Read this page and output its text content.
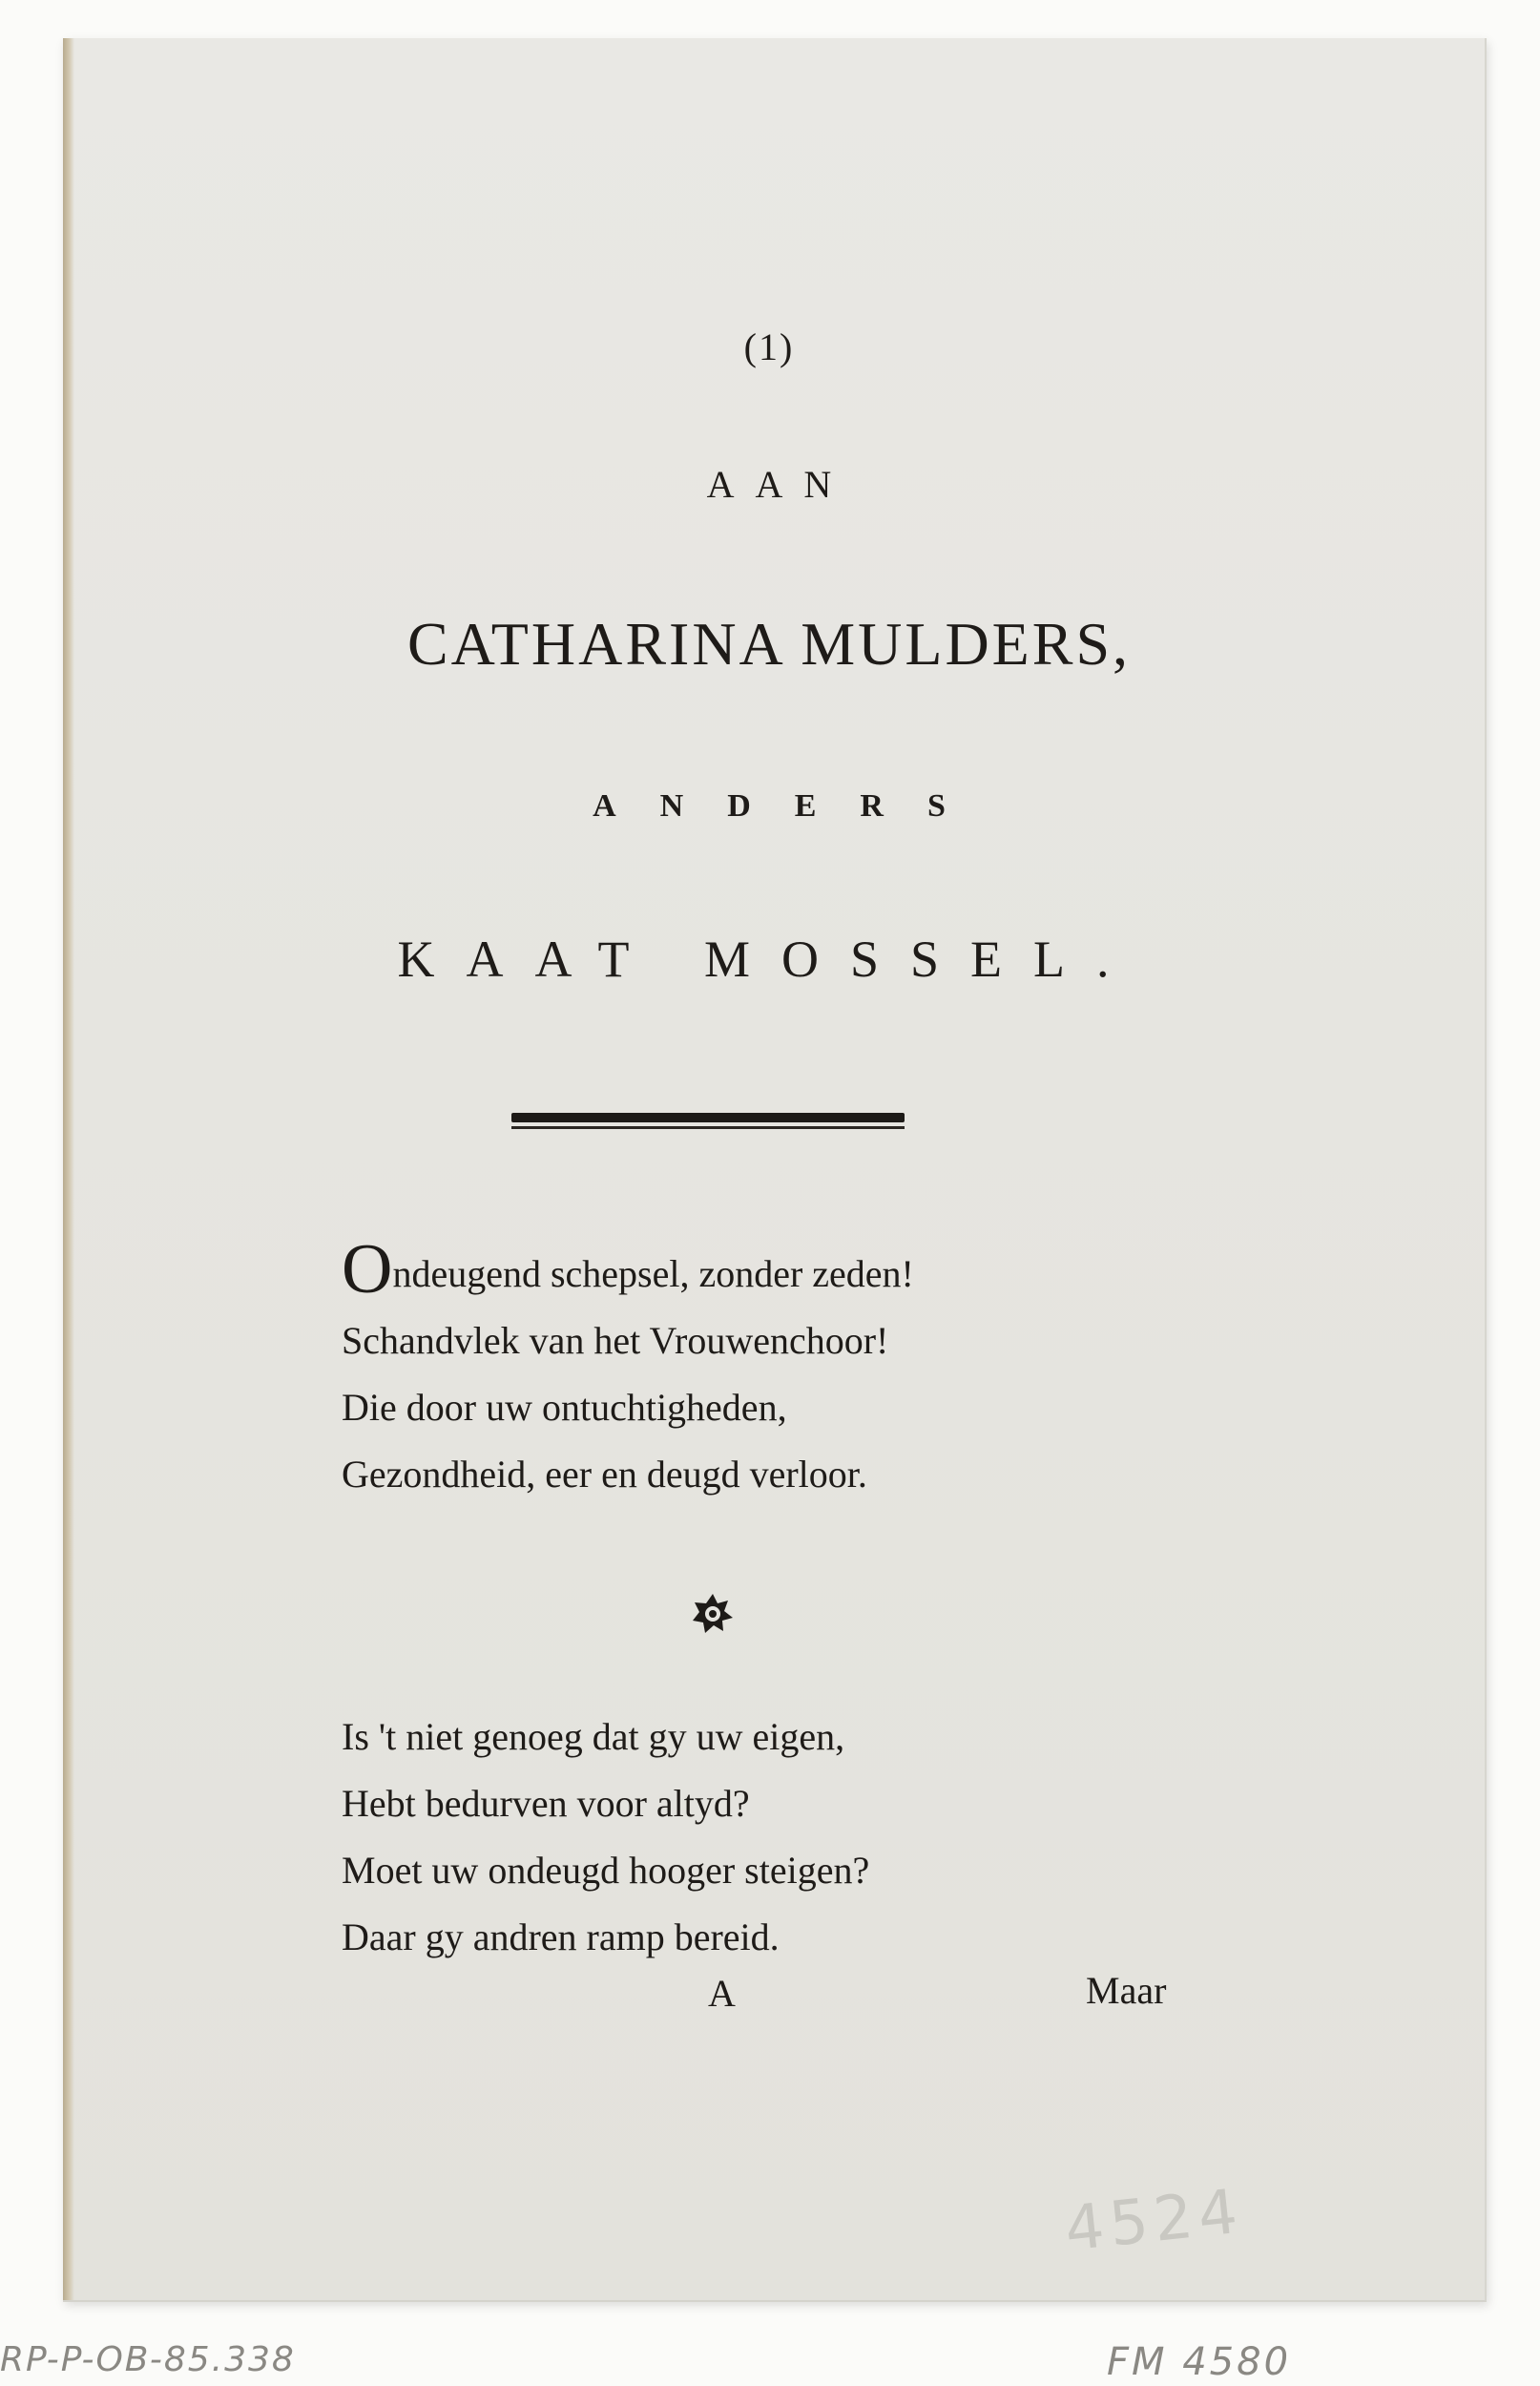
(1)
AAN
CATHARINA MULDERS,
ANDERS
KAAT MOSSEL.
Ondeugend schepsel, zonder zeden!
Schandvlek van het Vrouwenchoor!
Die door uw ontuchtigheden,
Gezondheid, eer en deugd verloor.
Is 't niet genoeg dat gy uw eigen,
Hebt bedurven voor altyd?
Moet uw ondeugd hooger steigen?
Daar gy andren ramp bereid.
A	Maar
4524
RP-P-OB-85.338	FM 4580
